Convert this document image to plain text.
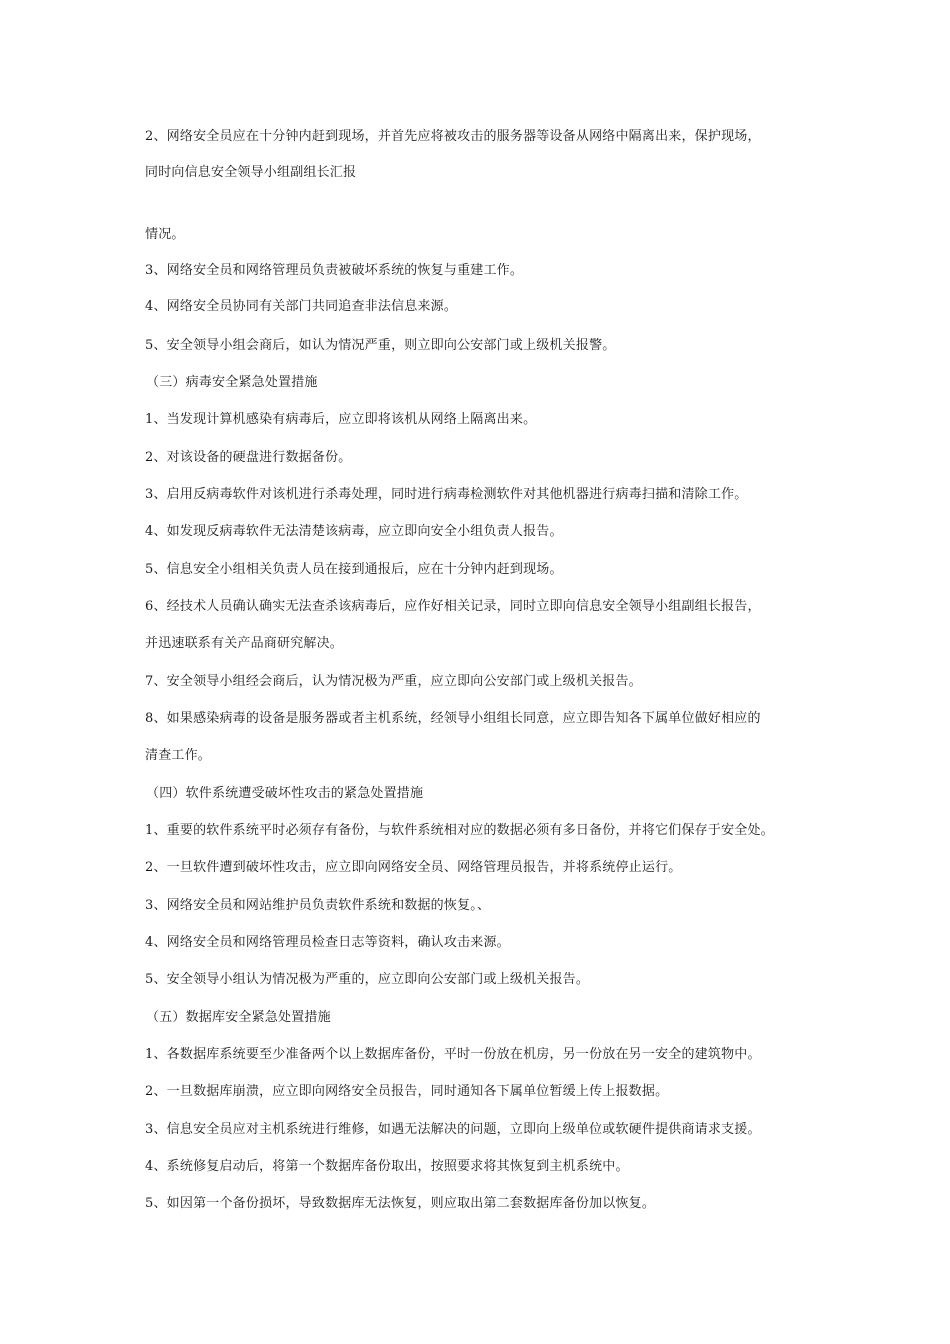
2、网络安全员应在十分钟内赶到现场，并首先应将被攻击的服务器等设备从网络中隔离出来，保护现场，
同时向信息安全领导小组副组长汇报
情况。
3、网络安全员和网络管理员负责被破坏系统的恢复与重建工作。
4、网络安全员协同有关部门共同追查非法信息来源。
5、安全领导小组会商后，如认为情况严重，则立即向公安部门或上级机关报警。
（三）病毒安全紧急处置措施
1、当发现计算机感染有病毒后，应立即将该机从网络上隔离出来。
2、对该设备的硬盘进行数据备份。
3、启用反病毒软件对该机进行杀毒处理，同时进行病毒检测软件对其他机器进行病毒扫描和清除工作。
4、如发现反病毒软件无法清楚该病毒，应立即向安全小组负责人报告。
5、信息安全小组相关负责人员在接到通报后，应在十分钟内赶到现场。
6、经技术人员确认确实无法查杀该病毒后，应作好相关记录，同时立即向信息安全领导小组副组长报告，
并迅速联系有关产品商研究解决。
7、安全领导小组经会商后，认为情况极为严重，应立即向公安部门或上级机关报告。
8、如果感染病毒的设备是服务器或者主机系统，经领导小组组长同意，应立即告知各下属单位做好相应的
清查工作。
（四）软件系统遭受破坏性攻击的紧急处置措施
1、重要的软件系统平时必须存有备份，与软件系统相对应的数据必须有多日备份，并将它们保存于安全处。
2、一旦软件遭到破坏性攻击，应立即向网络安全员、网络管理员报告，并将系统停止运行。
3、网络安全员和网站维护员负责软件系统和数据的恢复。、
4、网络安全员和网络管理员检查日志等资料，确认攻击来源。
5、安全领导小组认为情况极为严重的，应立即向公安部门或上级机关报告。
（五）数据库安全紧急处置措施
1、各数据库系统要至少准备两个以上数据库备份，平时一份放在机房，另一份放在另一安全的建筑物中。
2、一旦数据库崩溃，应立即向网络安全员报告，同时通知各下属单位暂缓上传上报数据。
3、信息安全员应对主机系统进行维修，如遇无法解决的问题，立即向上级单位或软硬件提供商请求支援。
4、系统修复启动后，将第一个数据库备份取出，按照要求将其恢复到主机系统中。
5、如因第一个备份损坏，导致数据库无法恢复，则应取出第二套数据库备份加以恢复。
